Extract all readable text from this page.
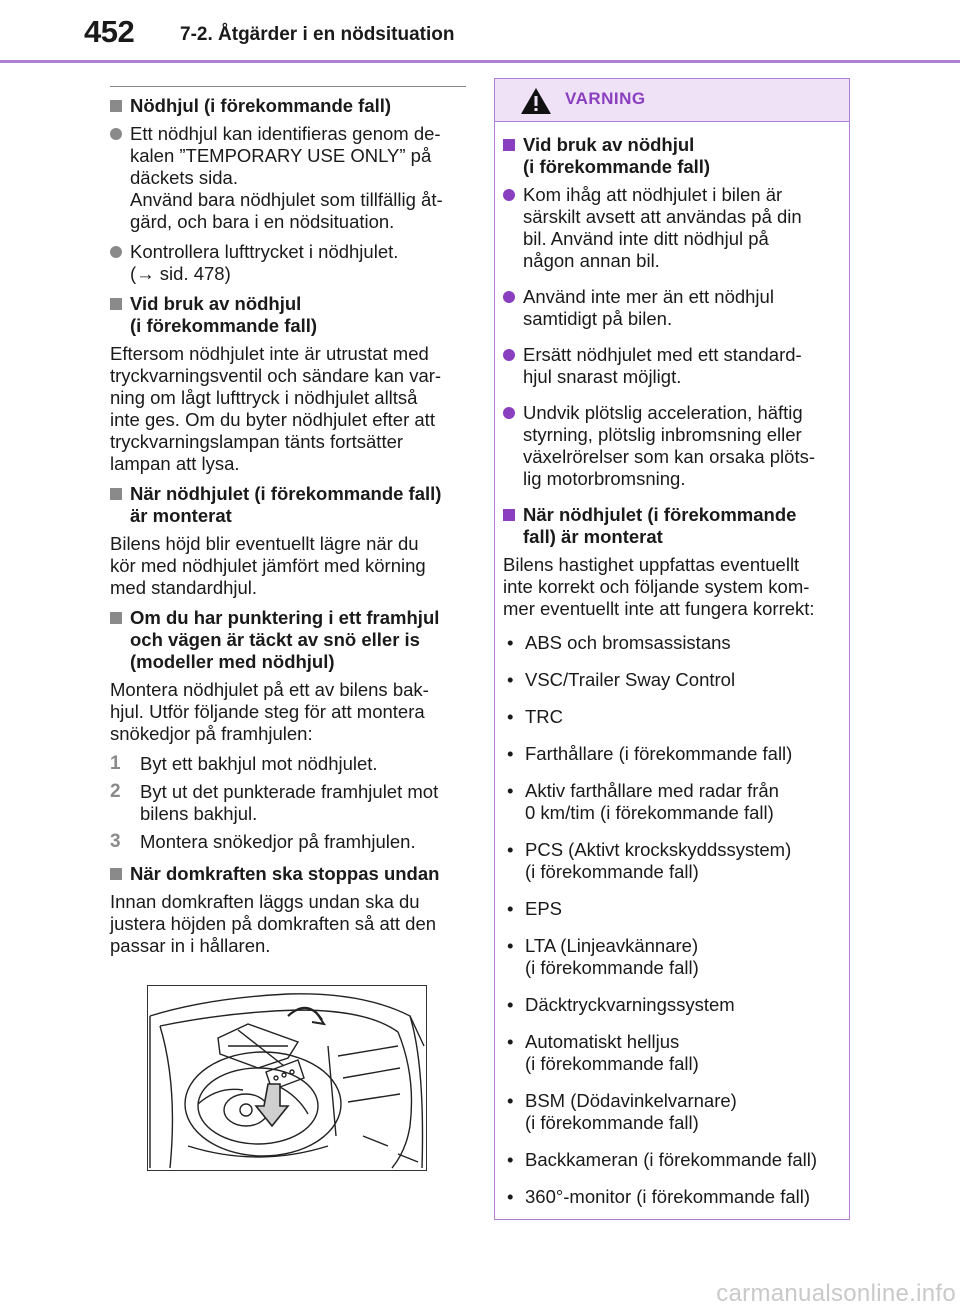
452 7-2. Åtgärder i en nödsituation
Nödhjul (i förekommande fall)
Ett nödhjul kan identifieras genom de-
kalen ”TEMPORARY USE ONLY” på
däckets sida.
Använd bara nödhjulet som tillfällig åt-
gärd, och bara i en nödsituation.
Kontrollera lufttrycket i nödhjulet.
(→ sid. 478)
Vid bruk av nödhjul
(i förekommande fall)
Eftersom nödhjulet inte är utrustat med
tryckvarningsventil och sändare kan var-
ning om lågt lufttryck i nödhjulet alltså
inte ges. Om du byter nödhjulet efter att
tryckvarningslampan tänts fortsätter
lampan att lysa.
När nödhjulet (i förekommande fall)
är monterat
Bilens höjd blir eventuellt lägre när du
kör med nödhjulet jämfört med körning
med standardhjul.
Om du har punktering i ett framhjul
och vägen är täckt av snö eller is
(modeller med nödhjul)
Montera nödhjulet på ett av bilens bak-
hjul. Utför följande steg för att montera
snökedjor på framhjulen:
1	Byt ett bakhjul mot nödhjulet.
2	Byt ut det punkterade framhjulet mot
bilens bakhjul.
3	Montera snökedjor på framhjulen.
När domkraften ska stoppas undan
Innan domkraften läggs undan ska du
justera höjden på domkraften så att den
passar in i hållaren.
VARNING
Vid bruk av nödhjul
(i förekommande fall)
Kom ihåg att nödhjulet i bilen är
särskilt avsett att användas på din
bil. Använd inte ditt nödhjul på
någon annan bil.
Använd inte mer än ett nödhjul
samtidigt på bilen.
Ersätt nödhjulet med ett standard-
hjul snarast möjligt.
Undvik plötslig acceleration, häftig
styrning, plötslig inbromsning eller
växelrörelser som kan orsaka plöts-
lig motorbromsning.
När nödhjulet (i förekommande
fall) är monterat
Bilens hastighet uppfattas eventuellt
inte korrekt och följande system kom-
mer eventuellt inte att fungera korrekt:
• ABS och bromsassistans
• VSC/Trailer Sway Control
• TRC
• Farthållare (i förekommande fall)
• Aktiv farthållare med radar från
0 km/tim (i förekommande fall)
• PCS (Aktivt krockskyddssystem)
(i förekommande fall)
• EPS
• LTA (Linjeavkännare)
(i förekommande fall)
• Däcktryckvarningssystem
• Automatiskt helljus
(i förekommande fall)
• BSM (Dödavinkelvarnare)
(i förekommande fall)
• Backkameran (i förekommande fall)
• 360°-monitor (i förekommande fall)
carmanualsonline.info
